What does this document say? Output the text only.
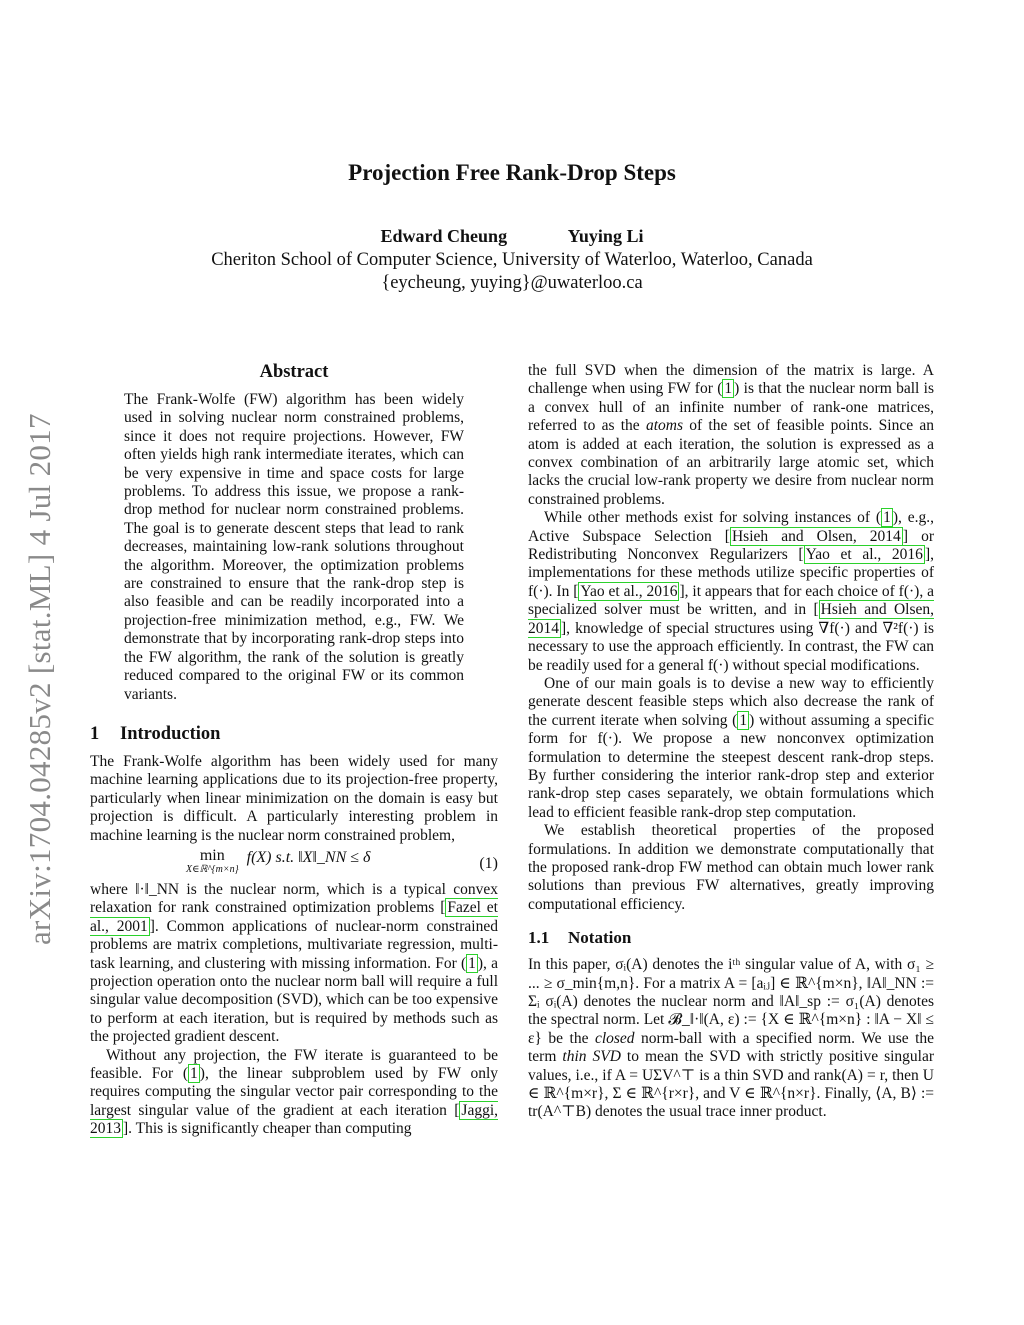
arXiv:1704.04285v2 [stat.ML] 4 Jul 2017
Projection Free Rank-Drop Steps
Edward Cheung	Yuying Li
Cheriton School of Computer Science, University of Waterloo, Waterloo, Canada
{eycheung, yuying}@uwaterloo.ca
Abstract

The Frank-Wolfe (FW) algorithm has been widely used in solving nuclear norm constrained problems, since it does not require projections. However, FW often yields high rank intermediate iterates, which can be very expensive in time and space costs for large problems. To address this issue, we propose a rank-drop method for nuclear norm constrained problems. The goal is to generate descent steps that lead to rank decreases, maintaining low-rank solutions throughout the algorithm. Moreover, the optimization problems are constrained to ensure that the rank-drop step is also feasible and can be readily incorporated into a projection-free minimization method, e.g., FW. We demonstrate that by incorporating rank-drop steps into the FW algorithm, the rank of the solution is greatly reduced compared to the original FW or its common variants.

1 Introduction

The Frank-Wolfe algorithm has been widely used for many machine learning applications due to its projection-free property, particularly when linear minimization on the domain is easy but projection is difficult. A particularly interesting problem in machine learning is the nuclear norm constrained problem,

min
X∈ℝ^{m×n}
f(X) s.t. ‖X‖_NN ≤ δ	(1)

where ‖·‖_NN is the nuclear norm, which is a typical convex relaxation for rank constrained optimization problems [ Fazel et al., 2001 ]. Common applications of nuclear-norm constrained problems are matrix completions, multivariate regression, multi-task learning, and clustering with missing information. For ( 1 ), a projection operation onto the nuclear norm ball will require a full singular value decomposition (SVD), which can be too expensive to perform at each iteration, but is required by methods such as the projected gradient descent.

Without any projection, the FW iterate is guaranteed to be feasible. For ( 1 ), the linear subproblem used by FW only requires computing the singular vector pair corresponding to the largest singular value of the gradient at each iteration [ Jaggi, 2013 ]. This is significantly cheaper than computing

the full SVD when the dimension of the matrix is large. A challenge when using FW for ( 1 ) is that the nuclear norm ball is a convex hull of an infinite number of rank-one matrices, referred to as the atoms of the set of feasible points. Since an atom is added at each iteration, the solution is expressed as a convex combination of an arbitrarily large atomic set, which lacks the crucial low-rank property we desire from nuclear norm constrained problems.

While other methods exist for solving instances of ( 1 ), e.g., Active Subspace Selection [ Hsieh and Olsen, 2014 ] or Redistributing Nonconvex Regularizers [ Yao et al., 2016 ], implementations for these methods utilize specific properties of f(·). In [ Yao et al., 2016 ], it appears that for each choice of f(·), a specialized solver must be written, and in [ Hsieh and Olsen, 2014 ], knowledge of special structures using ∇f(·) and ∇²f(·) is necessary to use the approach efficiently. In contrast, the FW can be readily used for a general f(·) without special modifications.

One of our main goals is to devise a new way to efficiently generate descent feasible steps which also decrease the rank of the current iterate when solving ( 1 ) without assuming a specific form for f(·). We propose a new nonconvex optimization formulation to determine the steepest descent rank-drop steps. By further considering the interior rank-drop step and exterior rank-drop step cases separately, we obtain formulations which lead to efficient feasible rank-drop step computation.

We establish theoretical properties of the proposed formulations. In addition we demonstrate computationally that the proposed rank-drop FW method can obtain much lower rank solutions than previous FW alternatives, greatly improving computational efficiency.

1.1 Notation

In this paper, σᵢ(A) denotes the iᵗʰ singular value of A, with σ₁ ≥ ... ≥ σ_min{m,n}. For a matrix A = [aᵢⱼ] ∈ ℝ^{m×n}, ‖A‖_NN := Σᵢ σᵢ(A) denotes the nuclear norm and ‖A‖_sp := σ₁(A) denotes the spectral norm. Let 𝓑_‖·‖(A, ε) := {X ∈ ℝ^{m×n} : ‖A − X‖ ≤ ε} be the closed norm-ball with a specified norm. We use the term thin SVD to mean the SVD with strictly positive singular values, i.e., if A = UΣV^⊤ is a thin SVD and rank(A) = r, then U ∈ ℝ^{m×r}, Σ ∈ ℝ^{r×r}, and V ∈ ℝ^{n×r}. Finally, ⟨A, B⟩ := tr(A^⊤B) denotes the usual trace inner product.
